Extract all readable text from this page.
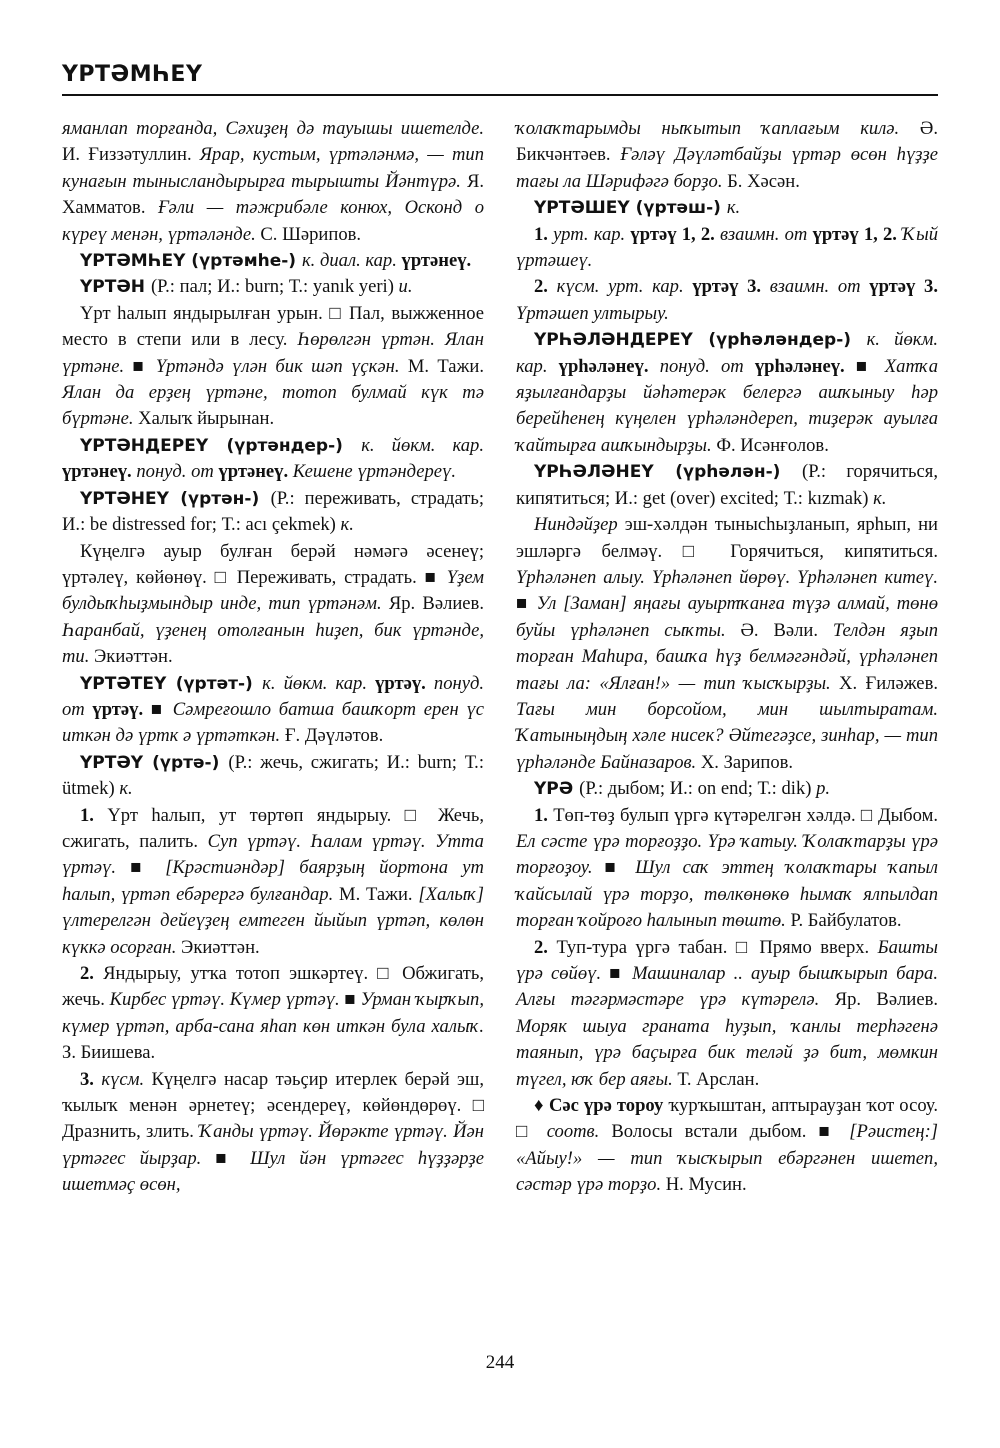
ҮРТӘМҺЕҮ

яманлап торғанда, Сәхиҙең дә тауышы ишетелде. И. Ғиззәтуллин. Ярар, кустым, үртәләнмә, — тип кунағын тынысландырырға тырышты Йәнтүрә. Я. Хамматов. Ғәли — тәжрибәле конюх, Осконд о күреү менән, үртәләнде. С. Шәрипов.

ҮРТӘМҺЕҮ (үртәмһе-) к. диал. кар. үртәнеү.

ҮРТӘН (Р.: пал; И.: burn; Т.: yanık yeri) и.

Үрт һалып яндырылған урын. □ Пал, выжженное место в степи или в лесу. Һөрөлгән үртән. Ялан үртәне. ■ Үртәндә үлән бик шәп үҫкән. М. Тажи. Ялан да ерҙең үртәне, тотоп булмай күк тә бүртәне. Халыҡ йырынан.

ҮРТӘНДЕРЕҮ (үртәндер-) к. йөкм. кар. үртәнеү. понуд. от үртәнеү. Кешене үртәндереү.

ҮРТӘНЕҮ (үртән-) (Р.: переживать, страдать; И.: be distressed for; Т.: acı çekmek) к.

Күңелгә ауыр булған берәй нәмәгә әсенеү; үртәлеү, көйөнөү. □ Переживать, страдать. ■ Үҙем булдыҡһыҙмындыр инде, тип үртәнәм. Яр. Вәлиев. Һаранбай, үҙенең отолғанын һиҙеп, бик үртәнде, ти. Экиәттән.

ҮРТӘТЕҮ (үртәт-) к. йөкм. кар. үртәү. понуд. от үртәү. ■ Сәмреғошло батша башҡорт ерен үс иткән дә үртк ә үртәткән. Ғ. Дәүләтов.

ҮРТӘҮ (үртә-) (Р.: жечь, сжигать; И.: burn; Т.: ütmek) к.

1. Үрт һалып, ут төртөп яндырыу. □ Жечь, сжигать, палить. Суп үртәү. Һалам үртәү. Утта үртәү. ■ [Крәстиәндәр] баярҙың йортона ут һалып, үртәп ебәрергә булғандар. М. Тажи. [Халыҡ] үлтерелгән дейеүҙең емтеген йыйып үртәп, көлөн күккә осорған. Экиәттән.

2. Яндырыу, утҡа тотоп эшкәртеү. □ Обжигать, жечь. Кирбес үртәү. Күмер үртәү. ■ Урман ҡырҡып, күмер үртәп, арба-сана яһап көн иткән була халыҡ. З. Биишева.

3. күсм. Күңелгә насар тәьҫир итерлек берәй эш, ҡылыҡ менән әрнетеү; әсендереү, көйөндөрөү. □ Дразнить, злить. Ҡанды үртәү. Йөрәкте үртәү. Йән үртәгес йырҙар. ■ Шул йән үртәгес һүҙҙәрҙе ишетмәҫ өсөн,

ҡолаҡтарымды ныҡытып ҡаплағым килә. Ә. Бикчәнтәев. Ғәләү Дәүләтбайҙы үртәр өсөн һүҙҙе тағы ла Шәрифәгә борҙо. Б. Хәсән.

ҮРТӘШЕҮ (үртәш-) к.

1. урт. кар. үртәү 1, 2. взаимн. от үртәү 1, 2. Ҡый үртәшеү.

2. күсм. урт. кар. үртәү 3. взаимн. от үртәү 3. Үртәшеп ултырыу.

ҮРҺӘЛӘНДЕРЕҮ (үрһәләндер-) к. йөкм. кар. үрһәләнеү. понуд. от үрһәләнеү. ■ Хатҡа яҙылғандарҙы йәһәтерәк белергә ашҡыныу һәр берейһенең күңелен үрһәләндереп, тиҙерәк ауылға ҡайтырға ашҡындырҙы. Ф. Исәнғолов.

ҮРҺӘЛӘНЕҮ (үрһәлән-) (Р.: горячиться, кипятиться; И.: get (over) excited; Т.: kızmak) к.

Ниндәйҙер эш-хәлдән тынысһыҙланып, ярһып, ни эшләргә белмәү. □ Горячиться, кипятиться. Үрһәләнеп алыу. Үрһәләнеп йөрөү. Үрһәләнеп китеү. ■ Ул [Заман] яңағы ауыртҡанға түҙә алмай, төнө буйы үрһәләнеп сыҡты. Ә. Вәли. Телдән яҙып торған Маһира, башҡа һүҙ белмәгәндәй, үрһәләнеп тағы ла: «Ялған!» — тип ҡысҡырҙы. Х. Ғиләжев. Тағы мин борсойом, мин шылтыратам. Ҡатыныңдың хәле нисек? Әйтегәҙсе, зинһар, — тип үрһәләнде Байназаров. Х. Зарипов.

ҮРӘ (Р.: дыбом; И.: on end; Т.: dik) р.

1. Төп-төҙ булып үргә күтәрелгән хәлдә. □ Дыбом. Ел сәсте үрә торғоҙҙо. Үрә ҡатыу. Ҡолаҡтарҙы үрә торғоҙоу. ■ Шул саҡ эттең ҡолаҡтары ҡапыл ҡайсылай үрә торҙо, төлкөнөкө һымаҡ ялпылдап торған ҡойроғо һалынып төштө. Р. Байбулатов.

2. Туп-тура үргә табан. □ Прямо вверх. Башты үрә сөйөү. ■ Машиналар .. ауыр бышҡырып бара. Алғы тәгәрмәстәре үрә күтәрелә. Яр. Вәлиев. Моряк шыуа граната һуҙып, ҡанлы терһәгенә таянып, үрә баҫырға бик теләй ҙә бит, мөмкин түгел, юҡ бер аяғы. Т. Арслан.

♦ Сәс үрә тороу ҡурҡыштан, аптырауҙан ҡот осоу. □ соотв. Волосы встали дыбом. ■ [Рәистең:] «Айыу!» — тип ҡысҡырып ебәргәнен ишетеп, сәстәр үрә торҙо. Н. Мусин.

244
